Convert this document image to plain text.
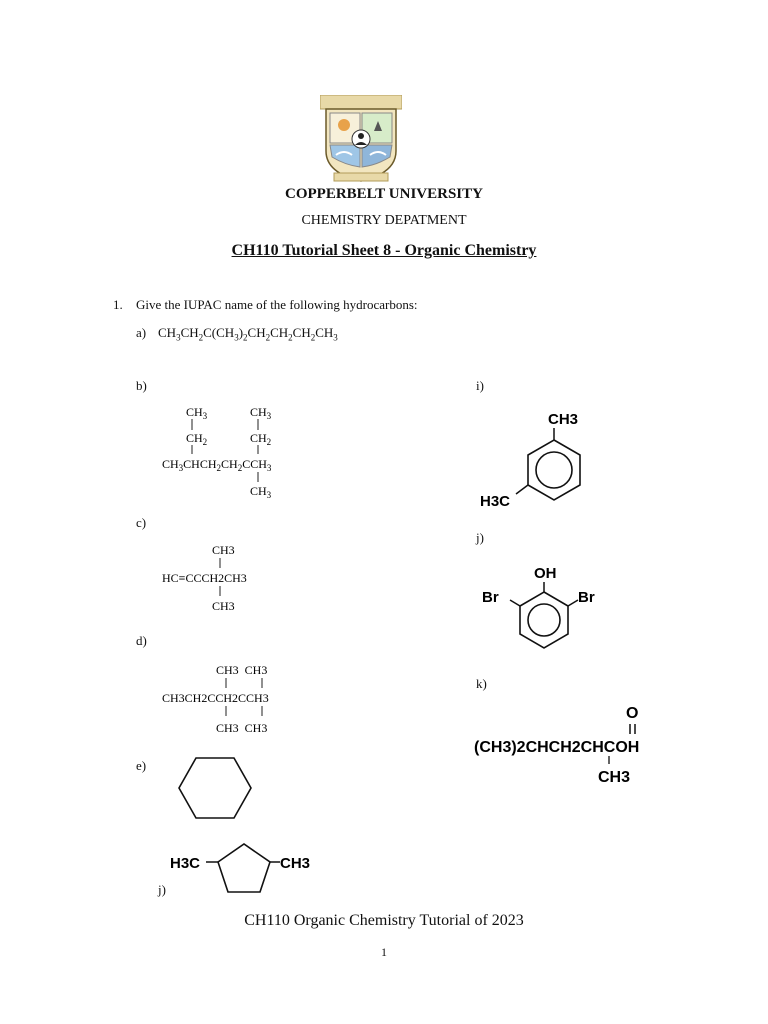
COPPERBELT UNIVERSITY
CHEMISTRY DEPATMENT
CH110 Tutorial Sheet 8 - Organic Chemistry
1. Give the IUPAC name of the following hydrocarbons:
a) $CH_3CH_2C(CH_3)_2CH_2CH_2CH_2CH_3$
b)
$CH_3$
$CH_2$
$CH_3$
$CH_2$
$CH_3CHCH_2CH_2CCH_3$
$CH_3$
c)
CH3
HC≡CCCH2CH3
CH3
d)
CH3  CH3
CH3CH2CCH2CCH3
CH3  CH3
e)
H3C	CH3
j)
i)
CH3
H3C
j)
OH
Br	Br
k)
O
(CH3)2CHCH2CHCOH
CH3
CH110 Organic Chemistry Tutorial of 2023
1
